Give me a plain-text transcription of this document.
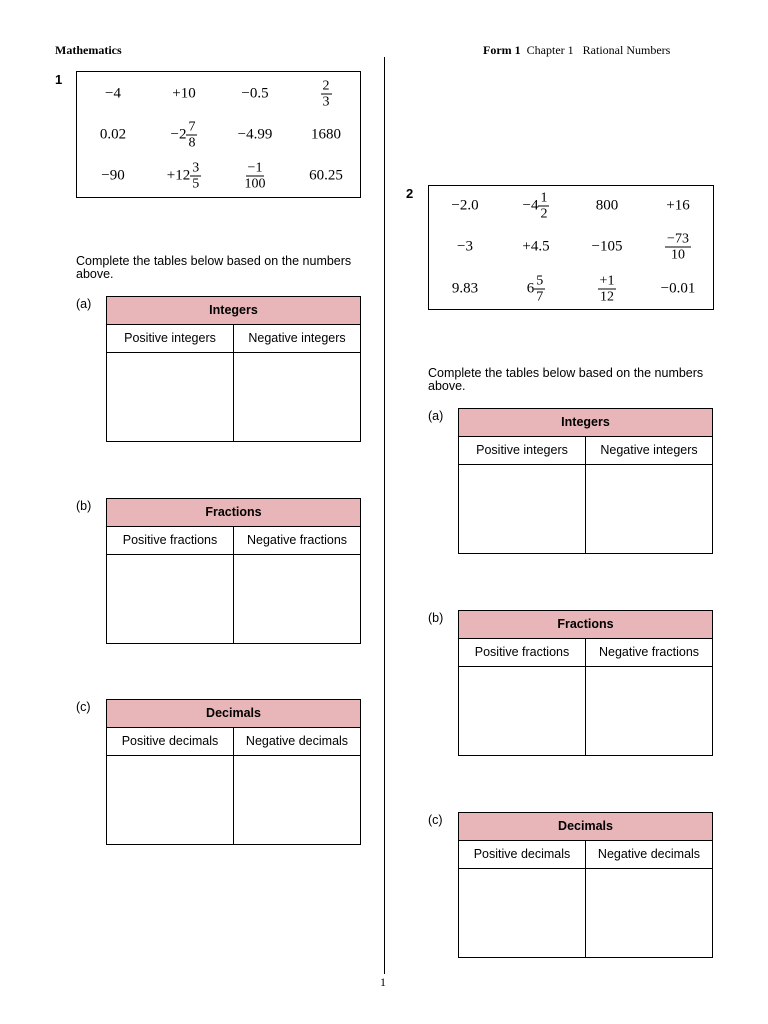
Mathematics	Form 1 Chapter 1 Rational Numbers
1
−4	+10	−0.5	$\frac{2}{3}$
0.02	$-2 \frac{7}{8}$	−4.99	1680
−90	$+12 \frac{3}{5}$	$\frac{-1}{100}$	60.25
Complete the tables below based on the numbers above.
(a)	Integers
Positive integers	Negative integers
(b)	Fractions
Positive fractions	Negative fractions
(c)	Decimals
Positive decimals	Negative decimals
2
−2.0	$-4 \frac{1}{2}$	800	+16
−3	+4.5	−105	$\frac{-73}{10}$
9.83	$6 \frac{5}{7}$	$\frac{+1}{12}$	−0.01
Complete the tables below based on the numbers above.
(a)	Integers
Positive integers	Negative integers
(b)	Fractions
Positive fractions	Negative fractions
(c)	Decimals
Positive decimals	Negative decimals
1
